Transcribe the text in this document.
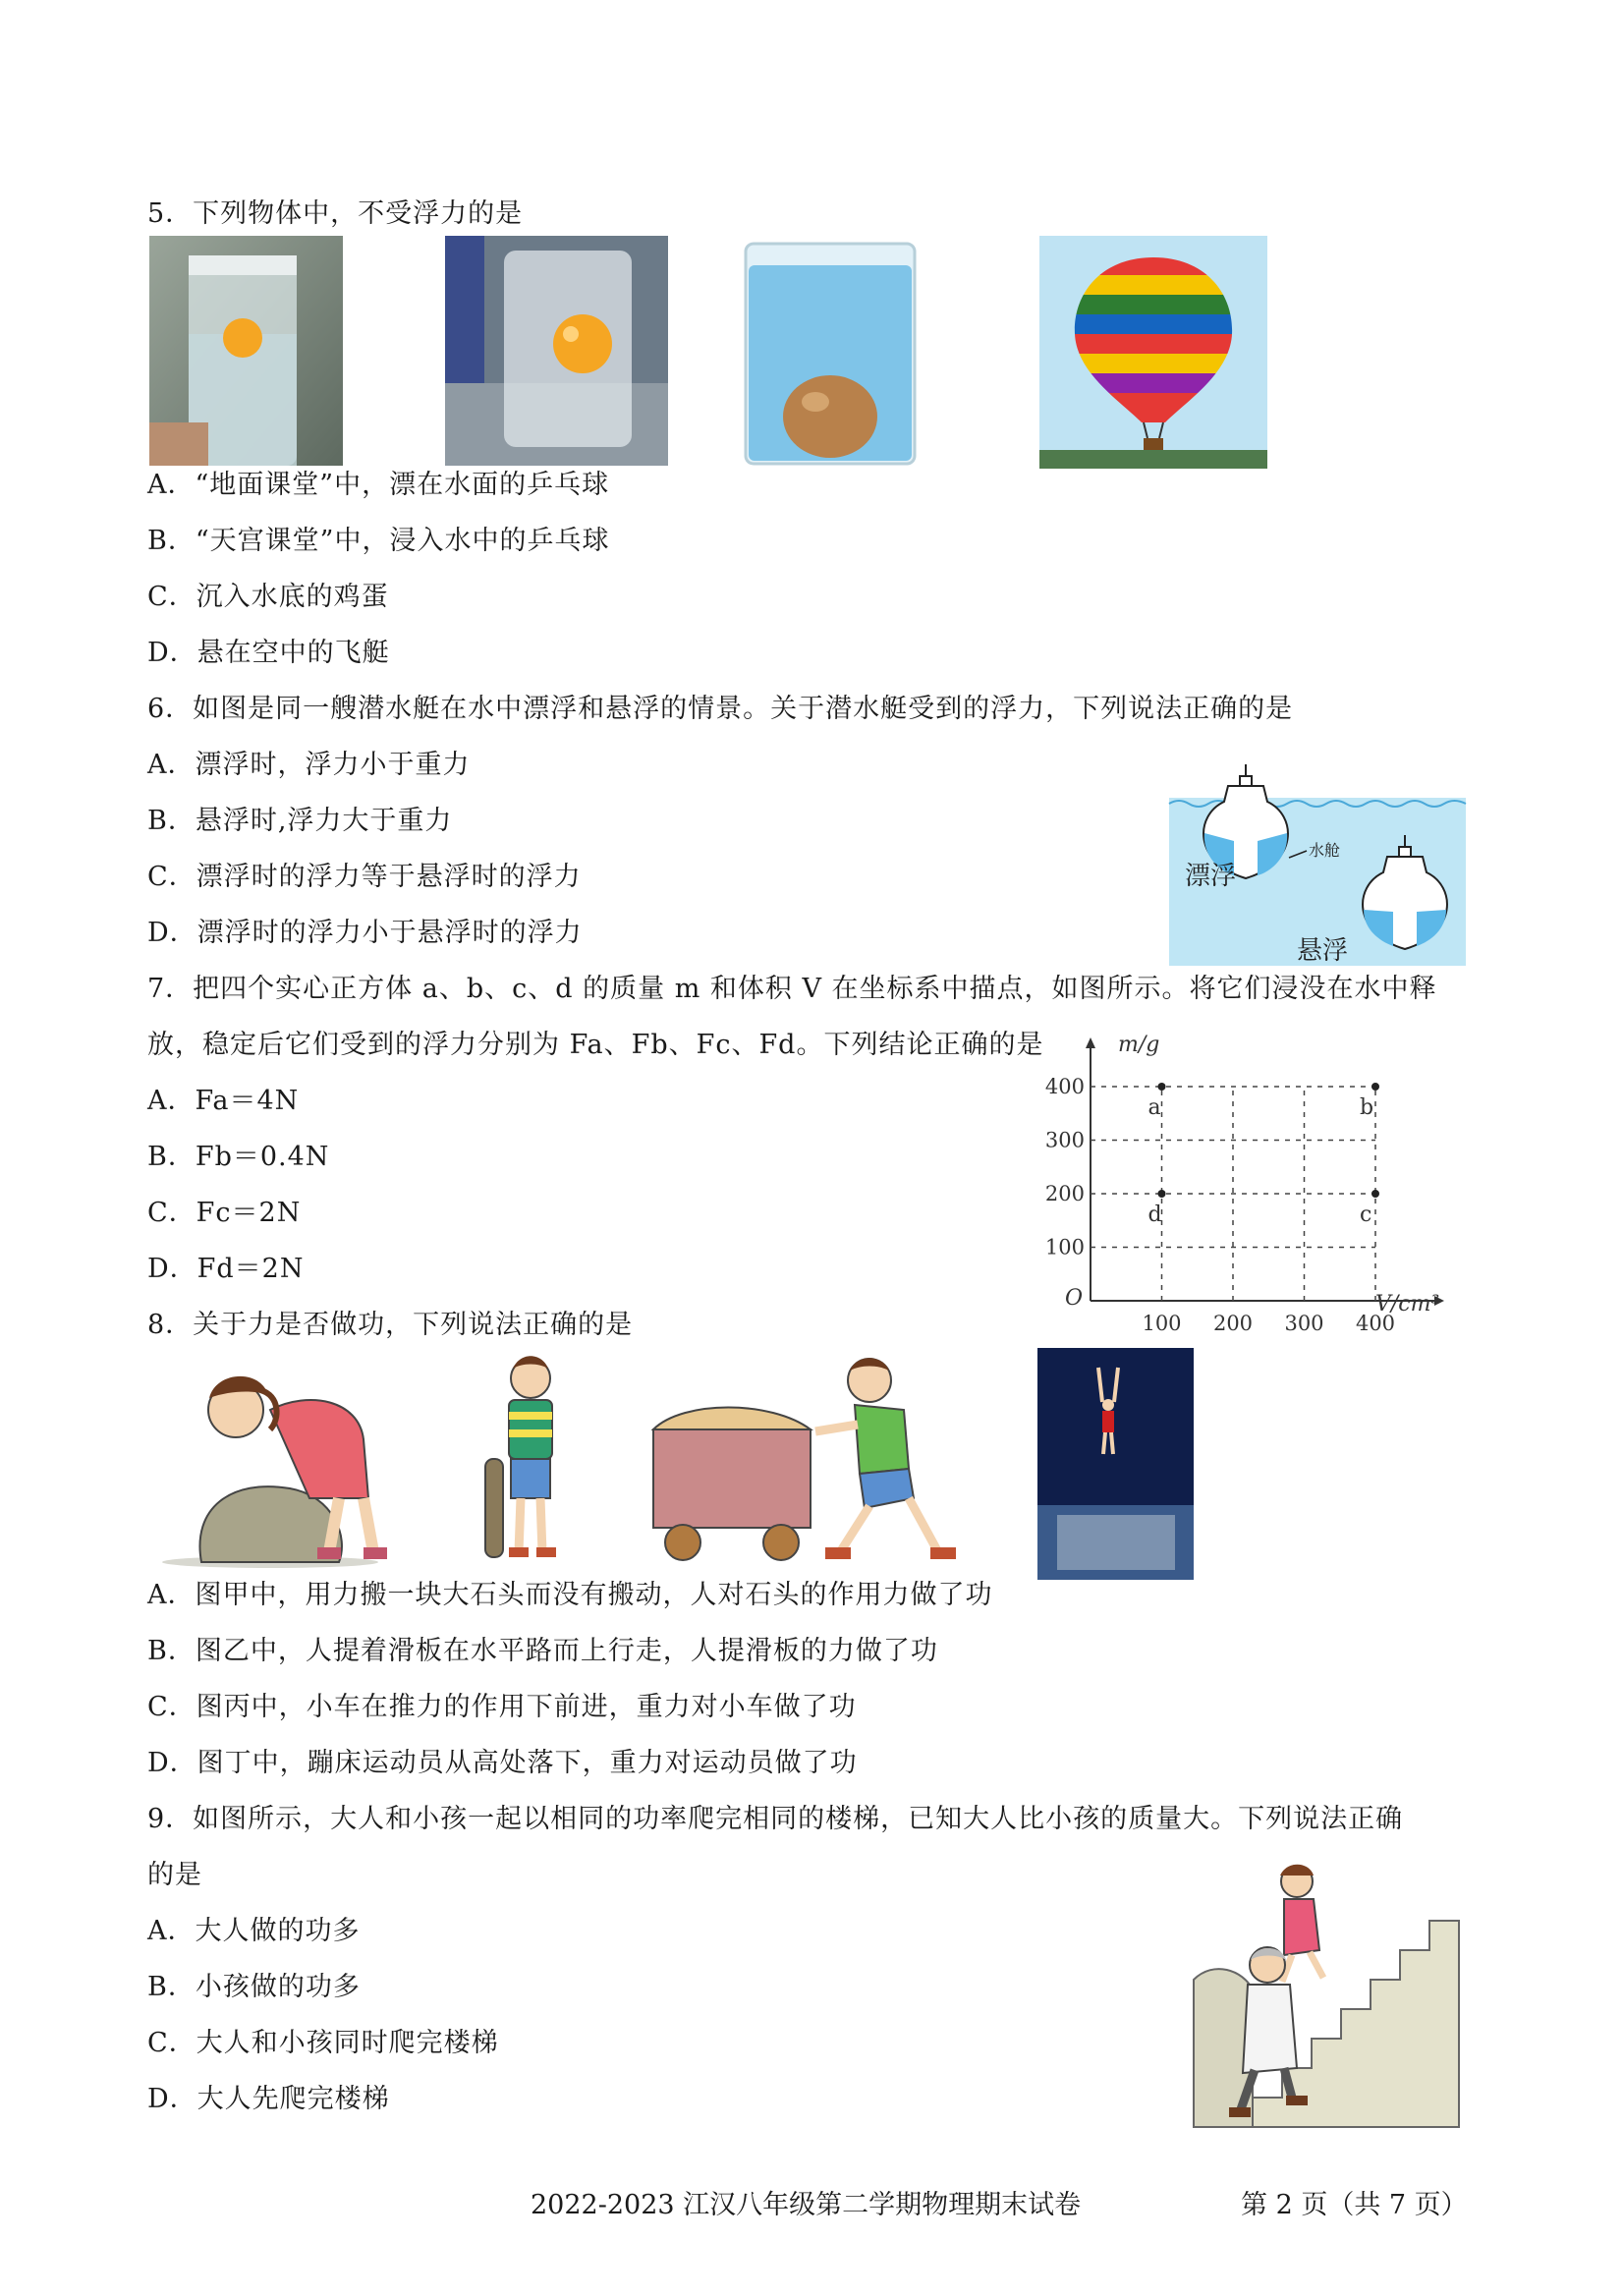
5．下列物体中，不受浮力的是
A．“地面课堂”中，漂在水面的乒乓球
B．“天宫课堂”中，浸入水中的乒乓球
C．沉入水底的鸡蛋
D．悬在空中的飞艇
6．如图是同一艘潜水艇在水中漂浮和悬浮的情景。关于潜水艇受到的浮力，下列说法正确的是
A．漂浮时，浮力小于重力
B．悬浮时,浮力大于重力
C．漂浮时的浮力等于悬浮时的浮力
D．漂浮时的浮力小于悬浮时的浮力
水舱
漂浮
悬浮
7．把四个实心正方体 a、b、c、d 的质量 m 和体积 V 在坐标系中描点，如图所示。将它们浸没在水中释
放，稳定后它们受到的浮力分别为 Fa、Fb、Fc、Fd。下列结论正确的是
A．Fa＝4N
B．Fb＝0.4N
C．Fc＝2N
D．Fd＝2N
m/g
V/cm³
O
100 200 300 400
100
200
300
400
a	b
c
d
8．关于力是否做功，下列说法正确的是
A．图甲中，用力搬一块大石头而没有搬动，人对石头的作用力做了功
B．图乙中，人提着滑板在水平路而上行走，人提滑板的力做了功
C．图丙中，小车在推力的作用下前进，重力对小车做了功
D．图丁中，蹦床运动员从高处落下，重力对运动员做了功
9．如图所示，大人和小孩一起以相同的功率爬完相同的楼梯，已知大人比小孩的质量大。下列说法正确
的是
A．大人做的功多
B．小孩做的功多
C．大人和小孩同时爬完楼梯
D．大人先爬完楼梯
2022-2023 江汉八年级第二学期物理期末试卷	第 2 页（共 7 页）
